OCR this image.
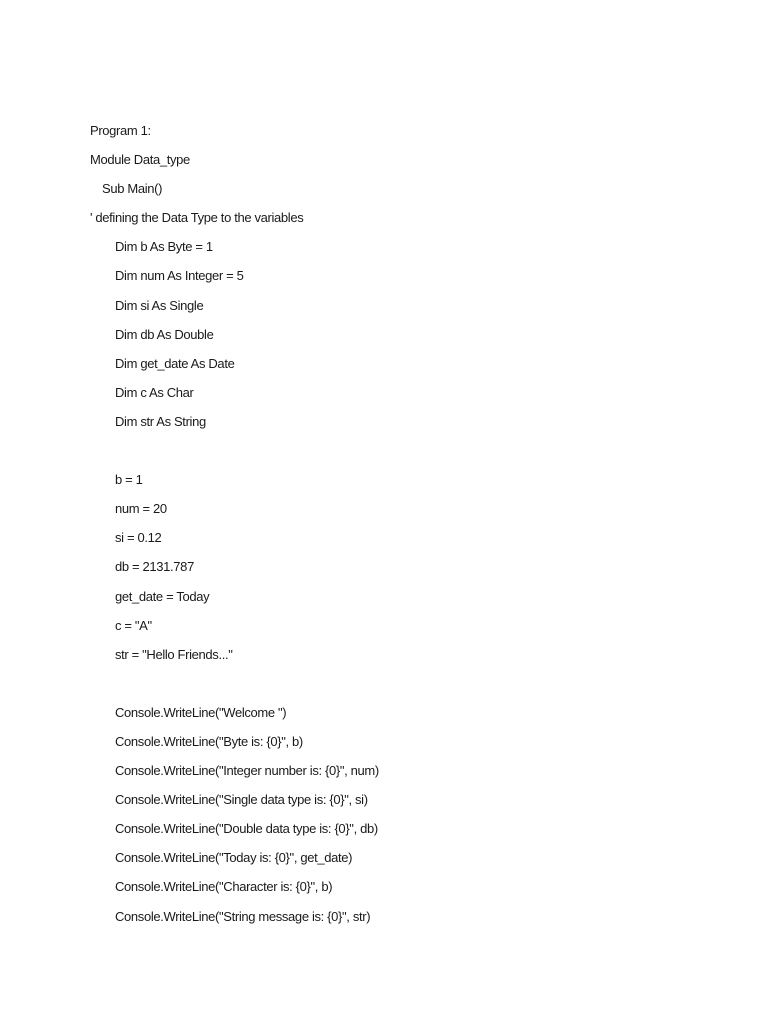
Program 1:
Module Data_type
Sub Main()
' defining the Data Type to the variables
Dim b As Byte = 1
Dim num As Integer = 5
Dim si As Single
Dim db As Double
Dim get_date As Date
Dim c As Char
Dim str As String
b = 1
num = 20
si = 0.12
db = 2131.787
get_date = Today
c = "A"
str = "Hello Friends..."
Console.WriteLine("Welcome ")
Console.WriteLine("Byte is: {0}", b)
Console.WriteLine("Integer number is: {0}", num)
Console.WriteLine("Single data type is: {0}", si)
Console.WriteLine("Double data type is: {0}", db)
Console.WriteLine("Today is: {0}", get_date)
Console.WriteLine("Character is: {0}", b)
Console.WriteLine("String message is: {0}", str)
